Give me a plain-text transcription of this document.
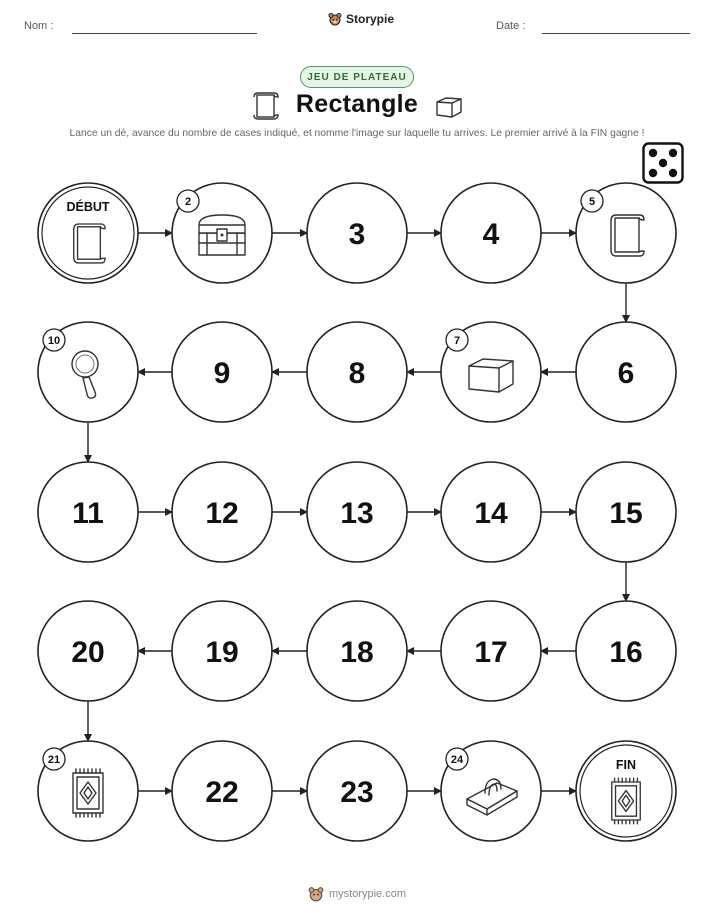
Nom :	Storypie	Date :
JEU DE PLATEAU
Rectangle
Lance un dé, avance du nombre de cases indiqué, et nomme l'image sur laquelle tu arrives. Le premier arrivé à la FIN gagne !
DÉBUT	2
3	4
5
6
7
8
9
10
11	12	13	14	15
16
17
18
19
20
21
22	23
24	FIN
mystorypie.com
